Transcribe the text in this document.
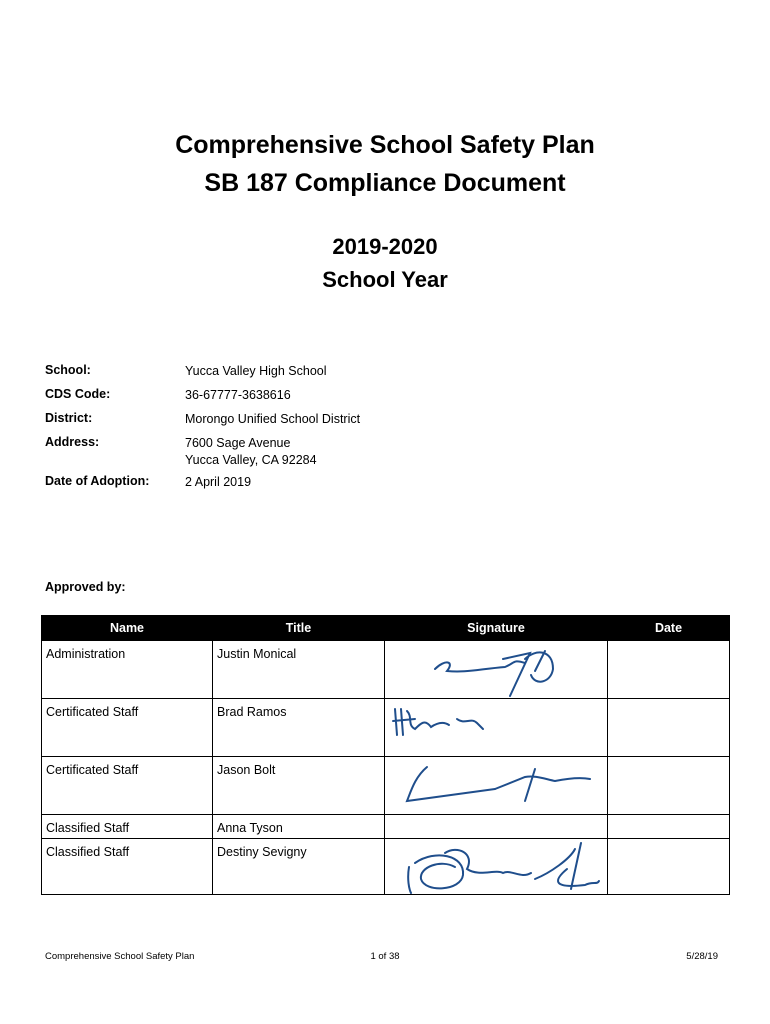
Comprehensive School Safety Plan
SB 187 Compliance Document
2019-2020
School Year
School:	Yucca Valley High School
CDS Code:	36-67777-3638616
District:	Morongo Unified School District
Address:	7600 Sage Avenue
Yucca Valley, CA 92284
Date of Adoption:	2 April 2019
Approved by:
Name	Title	Signature	Date
Administration	Justin Monical	

Certificated Staff	Brad Ramos	

Certificated Staff	Jason Bolt	

Classified Staff	Anna Tyson		
Classified Staff	Destiny Sevigny	

Comprehensive School Safety Plan	1 of 38	5/28/19
